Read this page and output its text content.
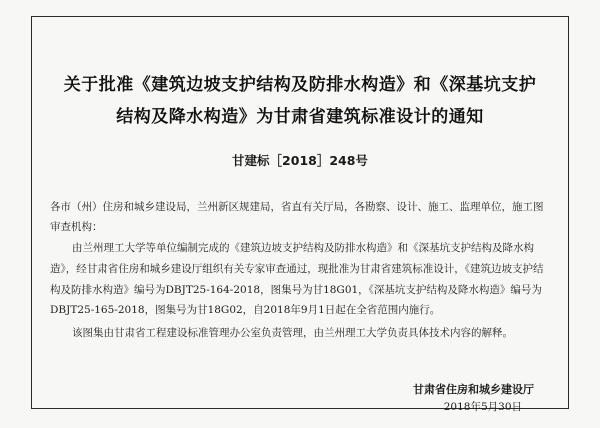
关于批准《建筑边坡支护结构及防排水构造》和《深基坑支护
结构及降水构造》为甘肃省建筑标准设计的通知
甘建标［2018］248号
各市（州）住房和城乡建设局，兰州新区规建局，省直有关厅局，各勘察、设计、施工、监理单位，施工图
审查机构：
由兰州理工大学等单位编制完成的《建筑边坡支护结构及防排水构造》和《深基坑支护结构及降水构
造》，经甘肃省住房和城乡建设厅组织有关专家审查通过，现批准为甘肃省建筑标准设计，《建筑边坡支护结
构及防排水构造》编号为DBJT25-164-2018，图集号为甘18G01，《深基坑支护结构及降水构造》编号为
DBJT25-165-2018，图集号为甘18G02，自2018年9月1日起在全省范围内施行。
该图集由甘肃省工程建设标准管理办公室负责管理，由兰州理工大学负责具体技术内容的解释。
甘肃省住房和城乡建设厅
2018年5月30日
